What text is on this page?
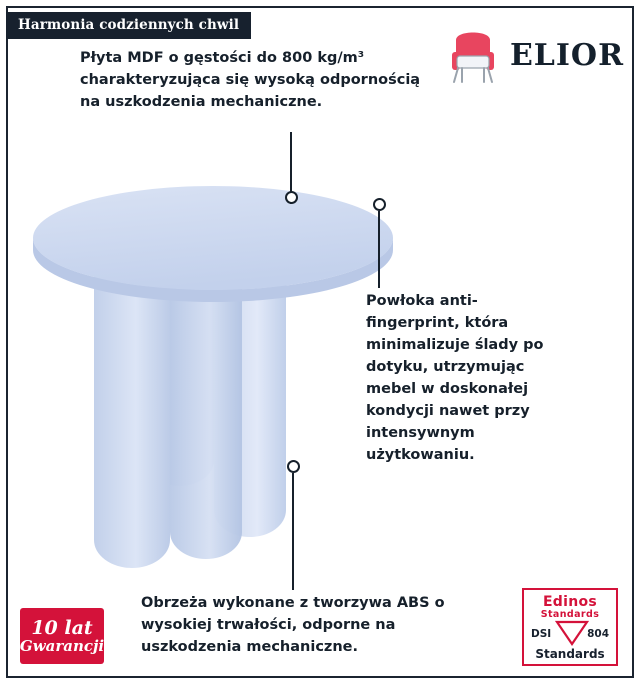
Harmonia codziennych chwil
ELIOR
Płyta MDF o gęstości do 800 kg/m³ charakteryzująca się wysoką odpornością na uszkodzenia mechaniczne.
Powłoka anti-fingerprint, która minimalizuje ślady po dotyku, utrzymując mebel w doskonałej kondycji nawet przy intensywnym użytkowaniu.
Obrzeża wykonane z tworzywa ABS o wysokiej trwałości, odporne na uszkodzenia mechaniczne.
10 lat
Gwarancji
Edinos
Standards
DSI	804
Standards
